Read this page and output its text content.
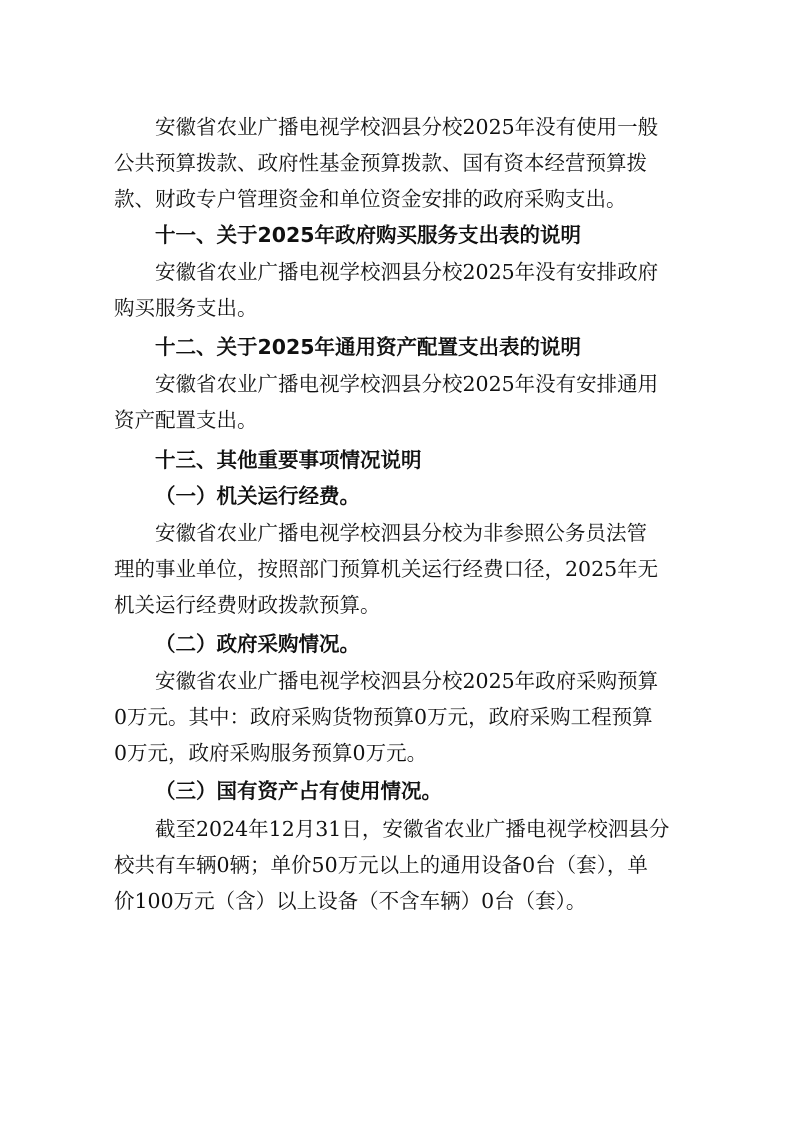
安徽省农业广播电视学校泗县分校2025年没有使用一般
公共预算拨款、政府性基金预算拨款、国有资本经营预算拨
款、财政专户管理资金和单位资金安排的政府采购支出。
十一、关于2025年政府购买服务支出表的说明
安徽省农业广播电视学校泗县分校2025年没有安排政府
购买服务支出。
十二、关于2025年通用资产配置支出表的说明
安徽省农业广播电视学校泗县分校2025年没有安排通用
资产配置支出。
十三、其他重要事项情况说明
（一）机关运行经费。
安徽省农业广播电视学校泗县分校为非参照公务员法管
理的事业单位，按照部门预算机关运行经费口径，2025年无
机关运行经费财政拨款预算。
（二）政府采购情况。
安徽省农业广播电视学校泗县分校2025年政府采购预算
0万元。其中：政府采购货物预算0万元，政府采购工程预算
0万元，政府采购服务预算0万元。
（三）国有资产占有使用情况。
截至2024年12月31日，安徽省农业广播电视学校泗县分
校共有车辆0辆；单价50万元以上的通用设备0台（套），单
价100万元（含）以上设备（不含车辆）0台（套）。
